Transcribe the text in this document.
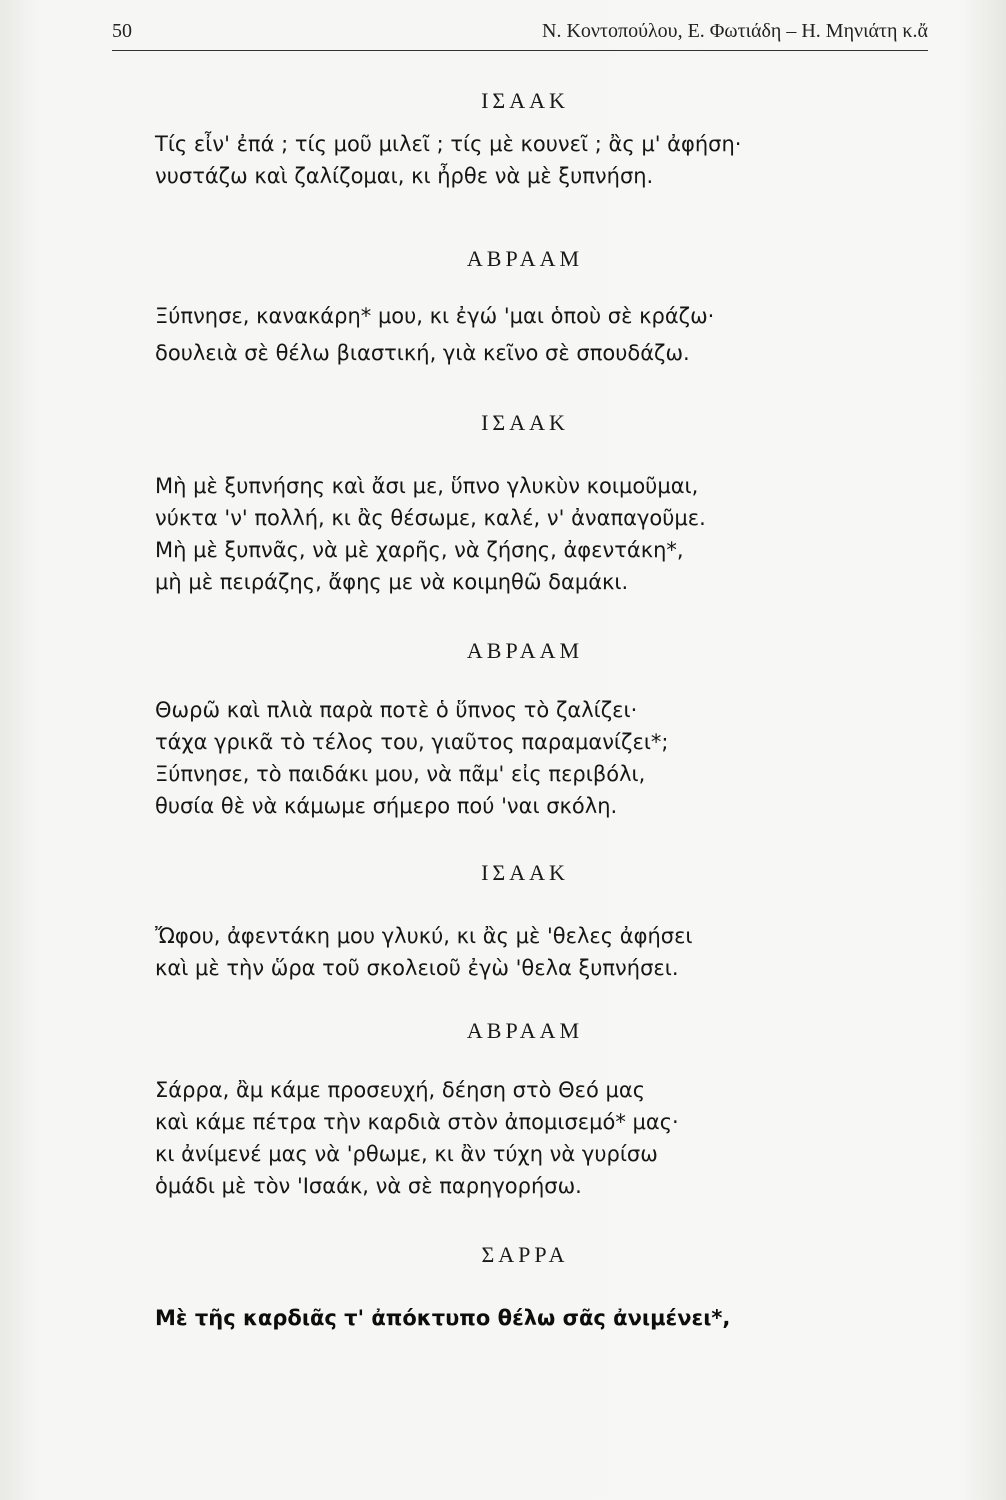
50	Ν. Κοντοπούλου, Ε. Φωτιάδη – Η. Μηνιάτη κ.ἄ
ΙΣΑΑΚ
Τίς εἶν' ἐπά ; τίς μοῦ μιλεῖ ; τίς μὲ κουνεῖ ; ἂς μ' ἀφήση·
νυστάζω καὶ ζαλίζομαι, κι ἦρθε νὰ μὲ ξυπνήση.
ΑΒΡΑΑΜ
Ξύπνησε, κανακάρη* μου, κι ἐγώ 'μαι ὁποὺ σὲ κράζω·
δουλειὰ σὲ θέλω βιαστική, γιὰ κεῖνο σὲ σπουδάζω.
ΙΣΑΑΚ
Μὴ μὲ ξυπνήσης καὶ ἄσι με, ὕπνο γλυκὺν κοιμοῦμαι,
νύκτα 'ν' πολλή, κι ἂς θέσωμε, καλέ, ν' ἀναπαγοῦμε.
Μὴ μὲ ξυπνᾶς, νὰ μὲ χαρῆς, νὰ ζήσης, ἀφεντάκη*,
μὴ μὲ πειράζης, ἄφης με νὰ κοιμηθῶ δαμάκι.
ΑΒΡΑΑΜ
Θωρῶ καὶ πλιὰ παρὰ ποτὲ ὁ ὕπνος τὸ ζαλίζει·
τάχα γρικᾶ τὸ τέλος του, γιαῦτος παραμανίζει*;
Ξύπνησε, τὸ παιδάκι μου, νὰ πᾶμ' εἰς περιβόλι,
θυσία θὲ νὰ κάμωμε σήμερο πού 'ναι σκόλη.
ΙΣΑΑΚ
Ὤφου, ἀφεντάκη μου γλυκύ, κι ἂς μὲ 'θελες ἀφήσει
καὶ μὲ τὴν ὥρα τοῦ σκολειοῦ ἐγὼ 'θελα ξυπνήσει.
ΑΒΡΑΑΜ
Σάρρα, ἂμ κάμε προσευχή, δέηση στὸ Θεό μας
καὶ κάμε πέτρα τὴν καρδιὰ στὸν ἀπομισεμό* μας·
κι ἀνίμενέ μας νὰ 'ρθωμε, κι ἂν τύχη νὰ γυρίσω
ὁμάδι μὲ τὸν 'Ισαάκ, νὰ σὲ παρηγορήσω.
ΣΑΡΡΑ
Μὲ τῆς καρδιᾶς τ' ἀπόκτυπο θέλω σᾶς ἀνιμένει*,
